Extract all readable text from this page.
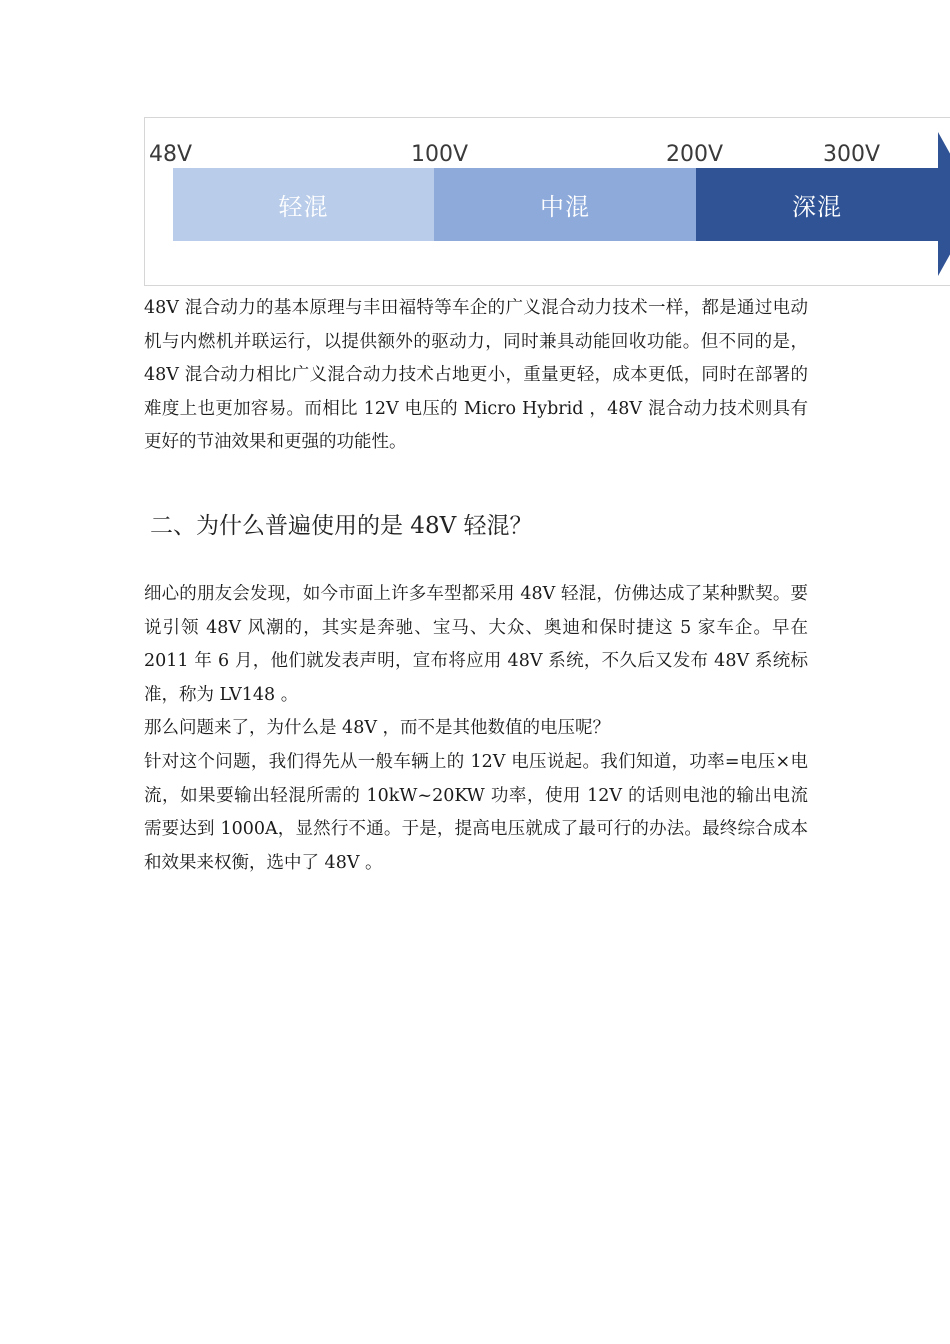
48V	100V	200V	300V
轻混	中混	深混

48V 混合动力的基本原理与丰田福特等车企的广义混合动力技术一样，都是通过电动机与内燃机并联运行，以提供额外的驱动力，同时兼具动能回收功能。但不同的是，48V 混合动力相比广义混合动力技术占地更小，重量更轻，成本更低，同时在部署的难度上也更加容易。而相比 12V 电压的 Micro Hybrid ，48V 混合动力技术则具有更好的节油效果和更强的功能性。

二、为什么普遍使用的是 48V 轻混？

细心的朋友会发现，如今市面上许多车型都采用 48V 轻混，仿佛达成了某种默契。要说引领 48V 风潮的，其实是奔驰、宝马、大众、奥迪和保时捷这 5 家车企。早在 2011 年 6 月，他们就发表声明，宣布将应用 48V 系统，不久后又发布 48V 系统标准，称为 LV148 。

那么问题来了，为什么是 48V ，而不是其他数值的电压呢？

针对这个问题，我们得先从一般车辆上的 12V 电压说起。我们知道，功率=电压×电流，如果要输出轻混所需的 10kW~20KW 功率，使用 12V 的话则电池的输出电流需要达到 1000A，显然行不通。于是，提高电压就成了最可行的办法。最终综合成本和效果来权衡，选中了 48V 。
